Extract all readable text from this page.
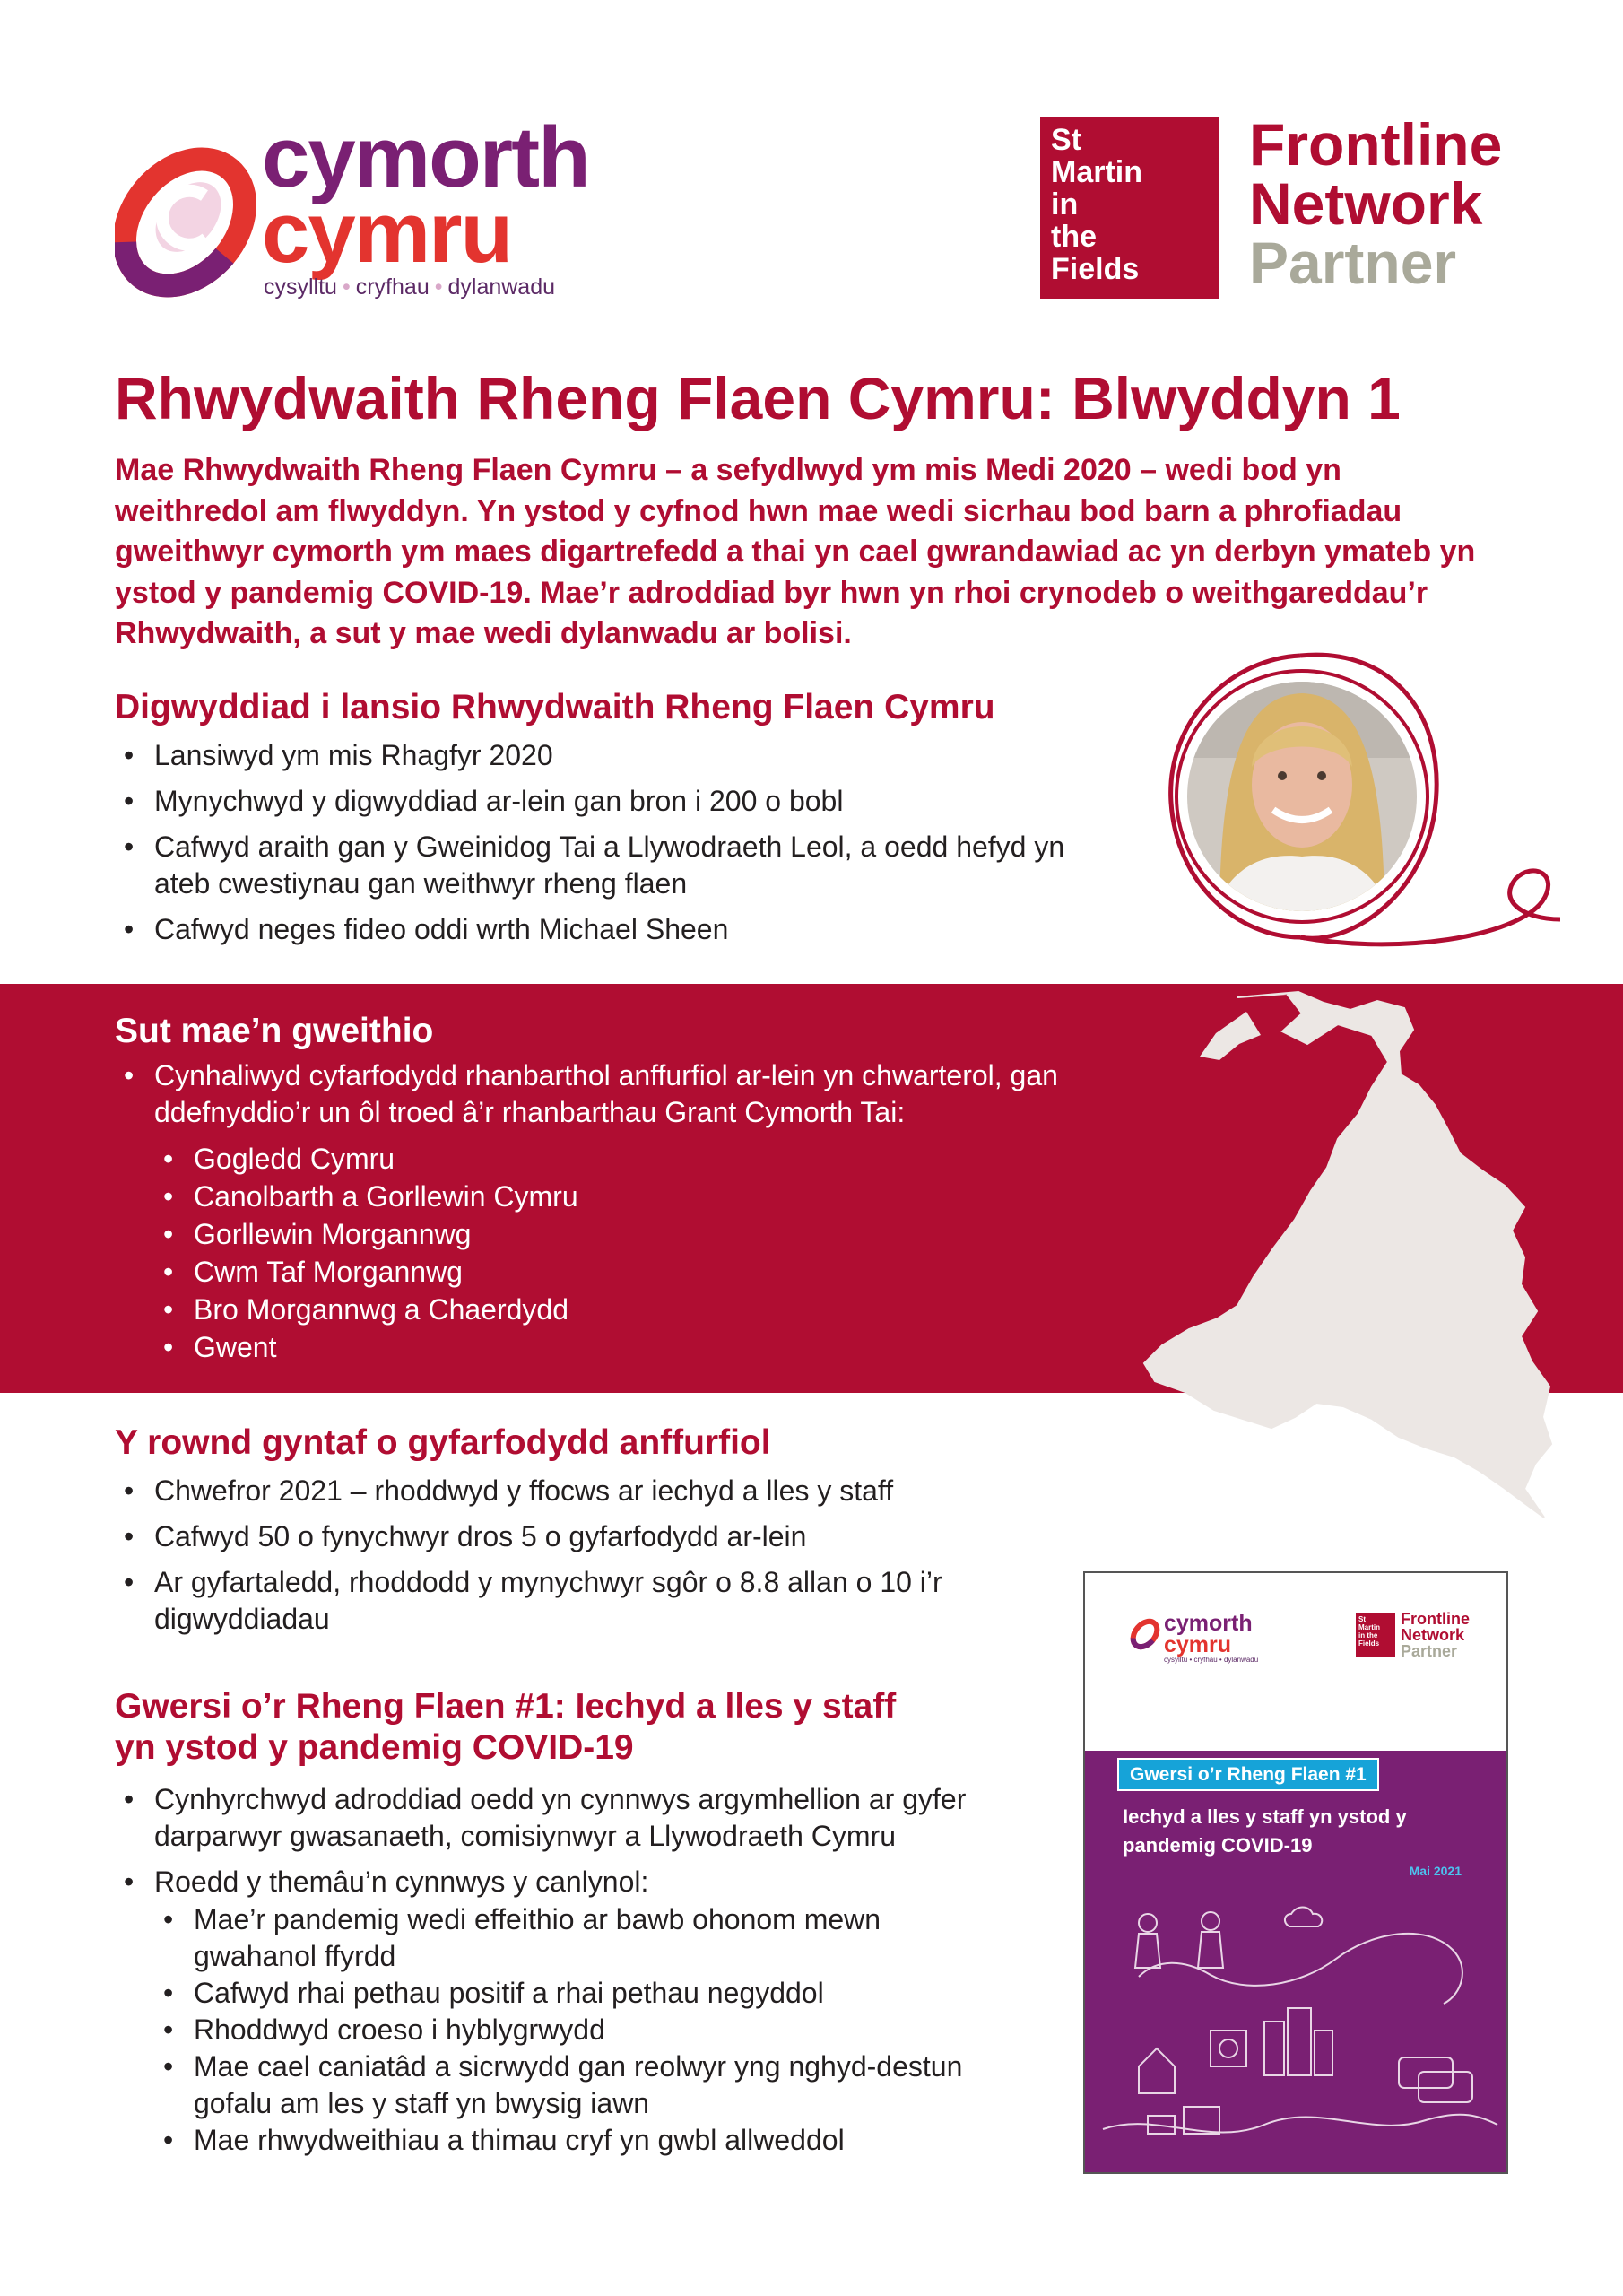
cymorth
cymru
cysylltu • cryfhau • dylanwadu
St
Martin
in
the
Fields
Frontline
Network
Partner
Rhwydwaith Rheng Flaen Cymru: Blwyddyn 1
Mae Rhwydwaith Rheng Flaen Cymru – a sefydlwyd ym mis Medi 2020 – wedi bod yn weithredol am flwyddyn. Yn ystod y cyfnod hwn mae wedi sicrhau bod barn a phrofiadau gweithwyr cymorth ym maes digartrefedd a thai yn cael gwrandawiad ac yn derbyn ymateb yn ystod y pandemig COVID-19. Mae’r adroddiad byr hwn yn rhoi crynodeb o weithgareddau’r Rhwydwaith, a sut y mae wedi dylanwadu ar bolisi.
Digwyddiad i lansio Rhwydwaith Rheng Flaen Cymru
• Lansiwyd ym mis Rhagfyr 2020
• Mynychwyd y digwyddiad ar-lein gan bron i 200 o bobl
• Cafwyd araith gan y Gweinidog Tai a Llywodraeth Leol, a oedd hefyd yn ateb cwestiynau gan weithwyr rheng flaen
• Cafwyd neges fideo oddi wrth Michael Sheen
Sut mae’n gweithio
• Cynhaliwyd cyfarfodydd rhanbarthol anffurfiol ar-lein yn chwarterol, gan ddefnyddio’r un ôl troed â’r rhanbarthau Grant Cymorth Tai:
• Gogledd Cymru
• Canolbarth a Gorllewin Cymru
• Gorllewin Morgannwg
• Cwm Taf Morgannwg
• Bro Morgannwg a Chaerdydd
• Gwent
Y rownd gyntaf o gyfarfodydd anffurfiol
• Chwefror 2021 – rhoddwyd y ffocws ar iechyd a lles y staff
• Cafwyd 50 o fynychwyr dros 5 o gyfarfodydd ar-lein
• Ar gyfartaledd, rhoddodd y mynychwyr sgôr o 8.8 allan o 10 i’r digwyddiadau
Gwersi o’r Rheng Flaen #1: Iechyd a lles y staff
yn ystod y pandemig COVID-19
• Cynhyrchwyd adroddiad oedd yn cynnwys argymhellion ar gyfer darparwyr gwasanaeth, comisiynwyr a Llywodraeth Cymru
• Roedd y themâu’n cynnwys y canlynol:
• Mae’r pandemig wedi effeithio ar bawb ohonom mewn gwahanol ffyrdd
• Cafwyd rhai pethau positif a rhai pethau negyddol
• Rhoddwyd croeso i hyblygrwydd
• Mae cael caniatâd a sicrwydd gan reolwyr yng nghyd-destun gofalu am les y staff yn bwysig iawn
• Mae rhwydweithiau a thimau cryf yn gwbl allweddol
cymorth
cymru
cysylltu • cryfhau • dylanwadu
St
Martin
in the
Fields
Frontline
Network
Partner
Gwersi o’r Rheng Flaen #1
Iechyd a lles y staff yn ystod y pandemig COVID-19
Mai 2021
